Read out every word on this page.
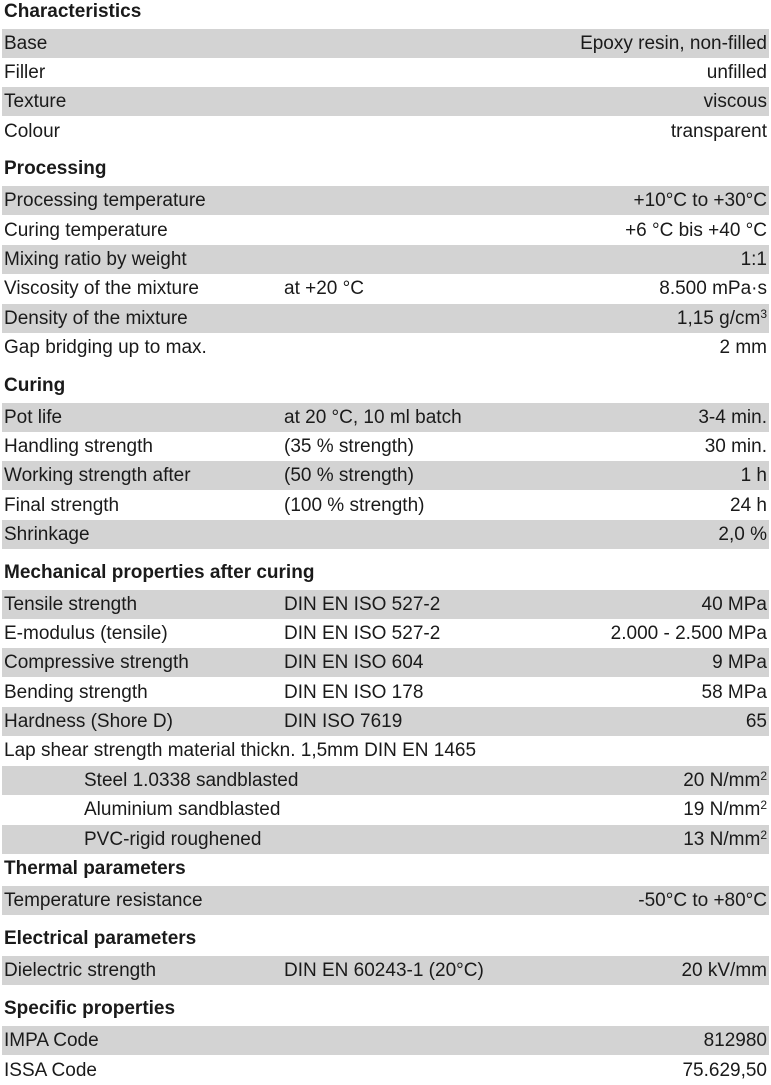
Characteristics
Base	Epoxy resin, non-filled
Filler	unfilled
Texture	viscous
Colour	transparent
Processing
Processing temperature	+10°C to +30°C
Curing temperature	+6 °C bis +40 °C
Mixing ratio by weight	1:1
Viscosity of the mixture	at +20 °C	8.500 mPa·s
Density of the mixture	1,15 $g/cm^3$
Gap bridging up to max.	2 mm
Curing
Pot life	at 20 °C, 10 ml batch	3-4 min.
Handling strength	(35 % strength)	30 min.
Working strength after	(50 % strength)	1 h
Final strength	(100 % strength)	24 h
Shrinkage	2,0 %
Mechanical properties after curing
Tensile strength	DIN EN ISO 527-2	40 MPa
E-modulus (tensile)	DIN EN ISO 527-2	2.000 - 2.500 MPa
Compressive strength	DIN EN ISO 604	9 MPa
Bending strength	DIN EN ISO 178	58 MPa
Hardness (Shore D)	DIN ISO 7619	65
Lap shear strength material thickn. 1,5mm DIN EN 1465
Steel 1.0338 sandblasted	20 $N/mm^2$
Aluminium sandblasted	19 $N/mm^2$
PVC-rigid roughened	13 $N/mm^2$
Thermal parameters
Temperature resistance	-50°C to +80°C
Electrical parameters
Dielectric strength	DIN EN 60243-1 (20°C)	20 kV/mm
Specific properties
IMPA Code	812980
ISSA Code	75.629,50
